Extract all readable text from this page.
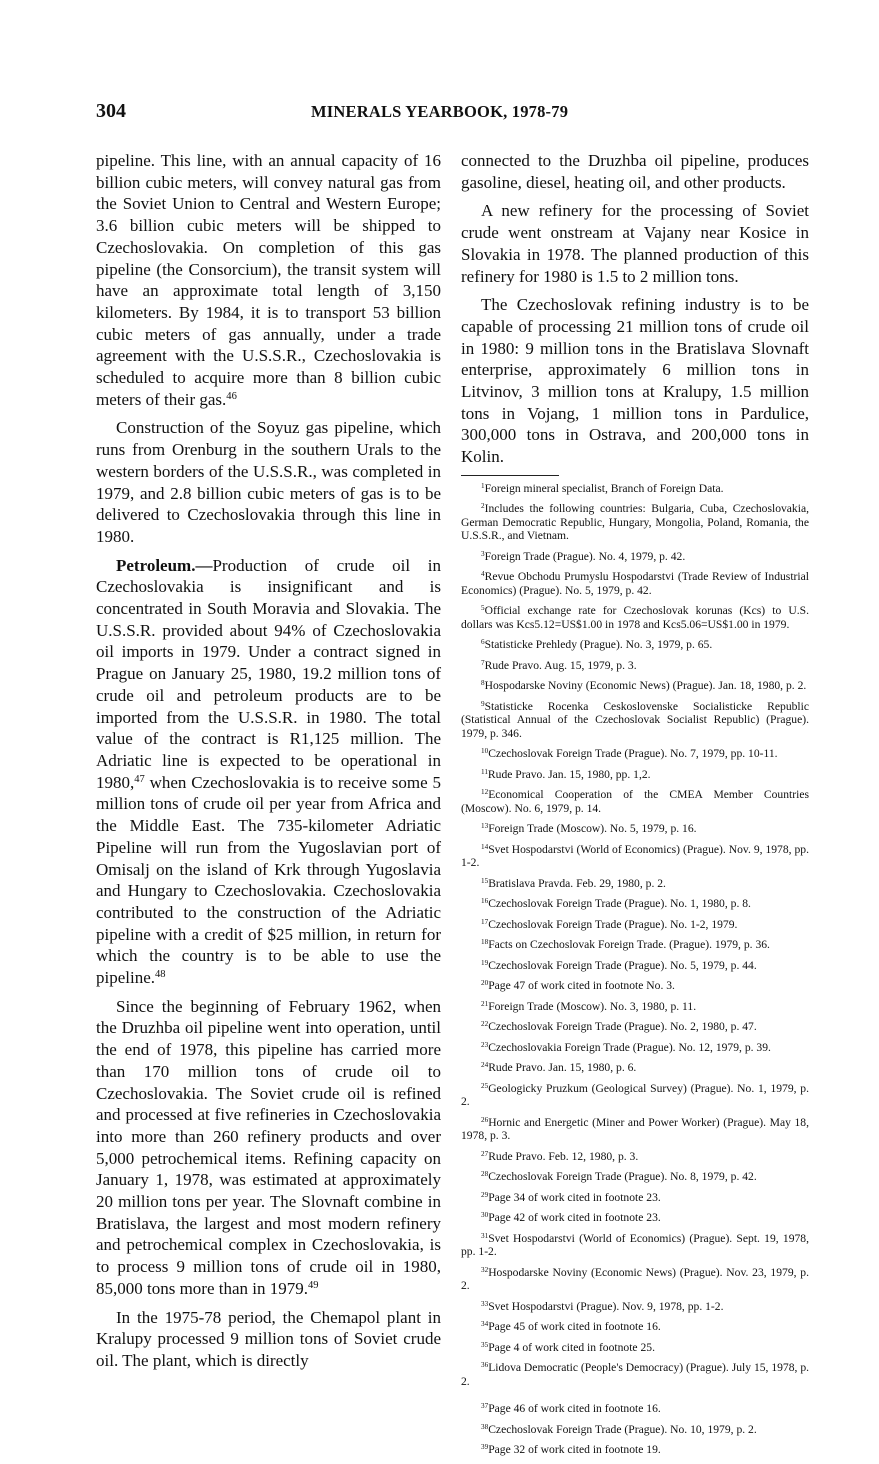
304	MINERALS YEARBOOK, 1978-79

pipeline. This line, with an annual capacity of 16 billion cubic meters, will convey natural gas from the Soviet Union to Central and Western Europe; 3.6 billion cubic meters will be shipped to Czechoslovakia. On completion of this gas pipeline (the Consorcium), the transit system will have an approximate total length of 3,150 kilometers. By 1984, it is to transport 53 billion cubic meters of gas annually, under a trade agreement with the U.S.S.R., Czechoslovakia is scheduled to acquire more than 8 billion cubic meters of their gas.$^{46}$

Construction of the Soyuz gas pipeline, which runs from Orenburg in the southern Urals to the western borders of the U.S.S.R., was completed in 1979, and 2.8 billion cubic meters of gas is to be delivered to Czechoslovakia through this line in 1980.

Petroleum.—Production of crude oil in Czechoslovakia is insignificant and is concentrated in South Moravia and Slovakia. The U.S.S.R. provided about 94% of Czechoslovakia oil imports in 1979. Under a contract signed in Prague on January 25, 1980, 19.2 million tons of crude oil and petroleum products are to be imported from the U.S.S.R. in 1980. The total value of the contract is R1,125 million. The Adriatic line is expected to be operational in 1980,47 when Czechoslovakia is to receive some 5 million tons of crude oil per year from Africa and the Middle East. The 735-kilometer Adriatic Pipeline will run from the Yugoslavian port of Omisalj on the island of Krk through Yugoslavia and Hungary to Czechoslovakia. Czechoslovakia contributed to the construction of the Adriatic pipeline with a credit of $25 million, in return for which the country is to be able to use the pipeline.$^{48}$

Since the beginning of February 1962, when the Druzhba oil pipeline went into operation, until the end of 1978, this pipeline has carried more than 170 million tons of crude oil to Czechoslovakia. The Soviet crude oil is refined and processed at five refineries in Czechoslovakia into more than 260 refinery products and over 5,000 petrochemical items. Refining capacity on January 1, 1978, was estimated at approximately 20 million tons per year. The Slovnaft combine in Bratislava, the largest and most modern refinery and petrochemical complex in Czechoslovakia, is to process 9 million tons of crude oil in 1980, 85,000 tons more than in 1979.49

In the 1975-78 period, the Chemapol plant in Kralupy processed 9 million tons of Soviet crude oil. The plant, which is directly

connected to the Druzhba oil pipeline, produces gasoline, diesel, heating oil, and other products.

A new refinery for the processing of Soviet crude went onstream at Vajany near Kosice in Slovakia in 1978. The planned production of this refinery for 1980 is 1.5 to 2 million tons.

The Czechoslovak refining industry is to be capable of processing 21 million tons of crude oil in 1980: 9 million tons in the Bratislava Slovnaft enterprise, approximately 6 million tons in Litvinov, 3 million tons at Kralupy, 1.5 million tons in Vojang, 1 million tons in Pardulice, 300,000 tons in Ostrava, and 200,000 tons in Kolin.

$^1$Foreign mineral specialist, Branch of Foreign Data.

$^2$Includes the following countries: Bulgaria, Cuba, Czechoslovakia, German Democratic Republic, Hungary, Mongolia, Poland, Romania, the U.S.S.R., and Vietnam.

$^3$Foreign Trade (Prague). No. 4, 1979, p. 42.

$^4$Revue Obchodu Prumyslu Hospodarstvi (Trade Review of Industrial Economics) (Prague). No. 5, 1979, p. 42.

$^5$Official exchange rate for Czechoslovak korunas (Kcs) to U.S. dollars was Kcs5.12=US$1.00 in 1978 and Kcs5.06=US$1.00 in 1979.

$^6$Statisticke Prehledy (Prague). No. 3, 1979, p. 65.

$^7$Rude Pravo. Aug. 15, 1979, p. 3.

$^8$Hospodarske Noviny (Economic News) (Prague). Jan. 18, 1980, p. 2.

$^9$Statisticke Rocenka Ceskoslovenske Socialisticke Republic (Statistical Annual of the Czechoslovak Socialist Republic) (Prague). 1979, p. 346.

$^{10}$Czechoslovak Foreign Trade (Prague). No. 7, 1979, pp. 10-11.

$^{11}$Rude Pravo. Jan. 15, 1980, pp. 1,2.

$^{12}$Economical Cooperation of the CMEA Member Countries (Moscow). No. 6, 1979, p. 14.

$^{13}$Foreign Trade (Moscow). No. 5, 1979, p. 16.

$^{14}$Svet Hospodarstvi (World of Economics) (Prague). Nov. 9, 1978, pp. 1-2.

$^{15}$Bratislava Pravda. Feb. 29, 1980, p. 2.

$^{16}$Czechoslovak Foreign Trade (Prague). No. 1, 1980, p. 8.

$^{17}$Czechoslovak Foreign Trade (Prague). No. 1-2, 1979.

$^{18}$Facts on Czechoslovak Foreign Trade. (Prague). 1979, p. 36.

$^{19}$Czechoslovak Foreign Trade (Prague). No. 5, 1979, p. 44.

$^{20}$Page 47 of work cited in footnote No. 3.

$^{21}$Foreign Trade (Moscow). No. 3, 1980, p. 11.

$^{22}$Czechoslovak Foreign Trade (Prague). No. 2, 1980, p. 47.

$^{23}$Czechoslovakia Foreign Trade (Prague). No. 12, 1979, p. 39.

$^{24}$Rude Pravo. Jan. 15, 1980, p. 6.

$^{25}$Geologicky Pruzkum (Geological Survey) (Prague). No. 1, 1979, p. 2.

$^{26}$Hornic and Energetic (Miner and Power Worker) (Prague). May 18, 1978, p. 3.

$^{27}$Rude Pravo. Feb. 12, 1980, p. 3.

$^{28}$Czechoslovak Foreign Trade (Prague). No. 8, 1979, p. 42.

$^{29}$Page 34 of work cited in footnote 23.

$^{30}$Page 42 of work cited in footnote 23.

$^{31}$Svet Hospodarstvi (World of Economics) (Prague). Sept. 19, 1978, pp. 1-2.

$^{32}$Hospodarske Noviny (Economic News) (Prague). Nov. 23, 1979, p. 2.

$^{33}$Svet Hospodarstvi (Prague). Nov. 9, 1978, pp. 1-2.

$^{34}$Page 45 of work cited in footnote 16.

$^{35}$Page 4 of work cited in footnote 25.

$^{36}$Lidova Democratic (People's Democracy) (Prague). July 15, 1978, p. 2.

$^{37}$Page 46 of work cited in footnote 16.

$^{38}$Czechoslovak Foreign Trade (Prague). No. 10, 1979, p. 2.

$^{39}$Page 32 of work cited in footnote 19.
